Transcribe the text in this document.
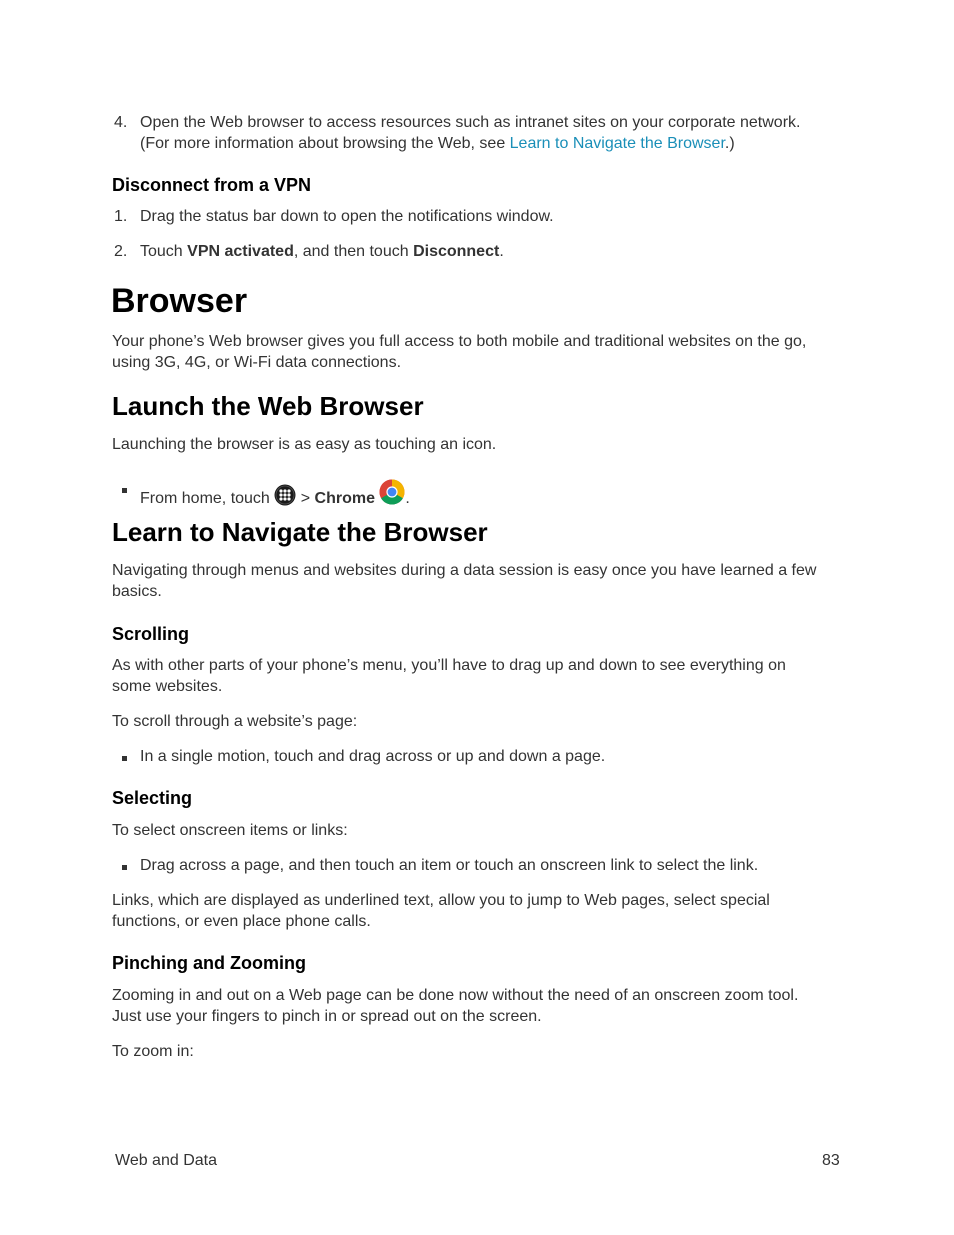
4. Open the Web browser to access resources such as intranet sites on your corporate network.
(For more information about browsing the Web, see Learn to Navigate the Browser.)
Disconnect from a VPN
1. Drag the status bar down to open the notifications window.
2. Touch VPN activated, and then touch Disconnect.
Browser
Your phone’s Web browser gives you full access to both mobile and traditional websites on the go,
using 3G, 4G, or Wi-Fi data connections.
Launch the Web Browser
Launching the browser is as easy as touching an icon.
From home, touch  > Chrome .
Learn to Navigate the Browser
Navigating through menus and websites during a data session is easy once you have learned a few
basics.
Scrolling
As with other parts of your phone’s menu, you’ll have to drag up and down to see everything on
some websites.
To scroll through a website’s page:
In a single motion, touch and drag across or up and down a page.
Selecting
To select onscreen items or links:
Drag across a page, and then touch an item or touch an onscreen link to select the link.
Links, which are displayed as underlined text, allow you to jump to Web pages, select special
functions, or even place phone calls.
Pinching and Zooming
Zooming in and out on a Web page can be done now without the need of an onscreen zoom tool.
Just use your fingers to pinch in or spread out on the screen.
To zoom in:
Web and Data	83
